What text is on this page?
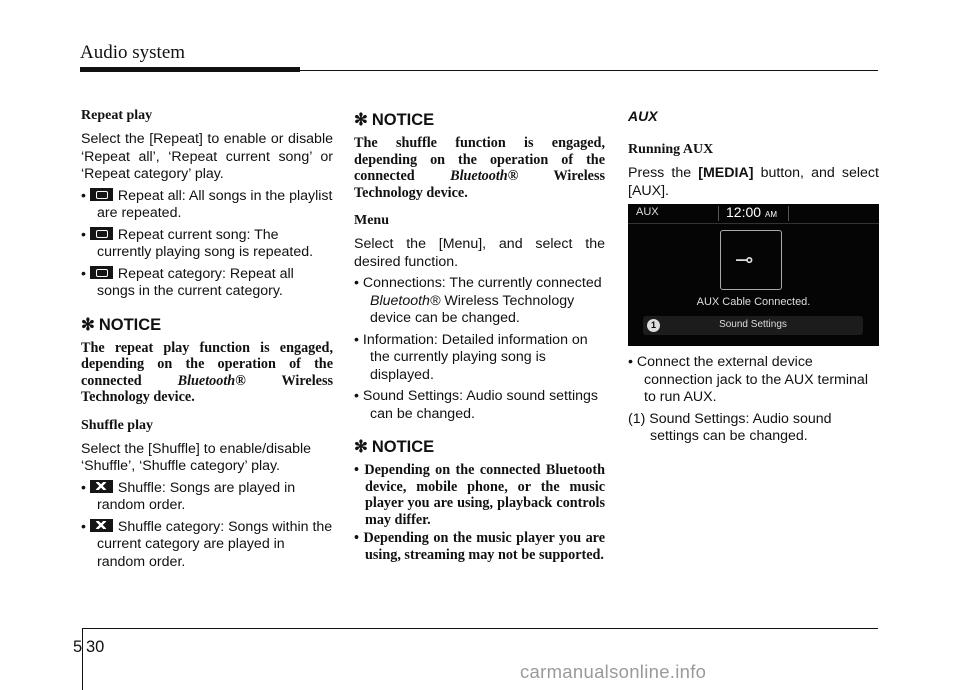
Audio system
Repeat play

Select the [Repeat] to enable or disable ‘Repeat all’, ‘Repeat current song’ or ‘Repeat category’ play.

• Repeat all: All songs in the playlist are repeated.
• Repeat current song: The currently playing song is repeated.
• Repeat category: Repeat all songs in the current category.
✻ NOTICE

The repeat play function is engaged, depending on the operation of the connected	Bluetooth®	Wireless Technology device.

Shuffle play

Select the [Shuffle] to enable/disable ‘Shuffle’, ‘Shuffle category’ play.

• Shuffle: Songs are played in random order.
• Shuffle category: Songs within the current category are played in random order.
✻ NOTICE

The shuffle function is engaged, depending on the operation of the connected Bluetooth® Wireless Technology device.

Menu

Select the [Menu], and select the desired function.

• Connections: The currently connected Bluetooth® Wireless Technology device can be changed.
• Information: Detailed information on the currently playing song is displayed.
• Sound Settings: Audio sound settings can be changed.
✻ NOTICE
• Depending on the connected Bluetooth device, mobile phone, or the music player you are using, playback controls may differ.
• Depending on the music player you are using, streaming may not be supported.
AUX
Running AUX

Press the [MEDIA] button, and select [AUX].

AUX	12:00 AM
⊸
AUX Cable Connected.
1	Sound Settings
• Connect the external device connection jack to the AUX terminal to run AUX.
(1) Sound Settings: Audio sound settings can be changed.
5 30
carmanualsonline.info
